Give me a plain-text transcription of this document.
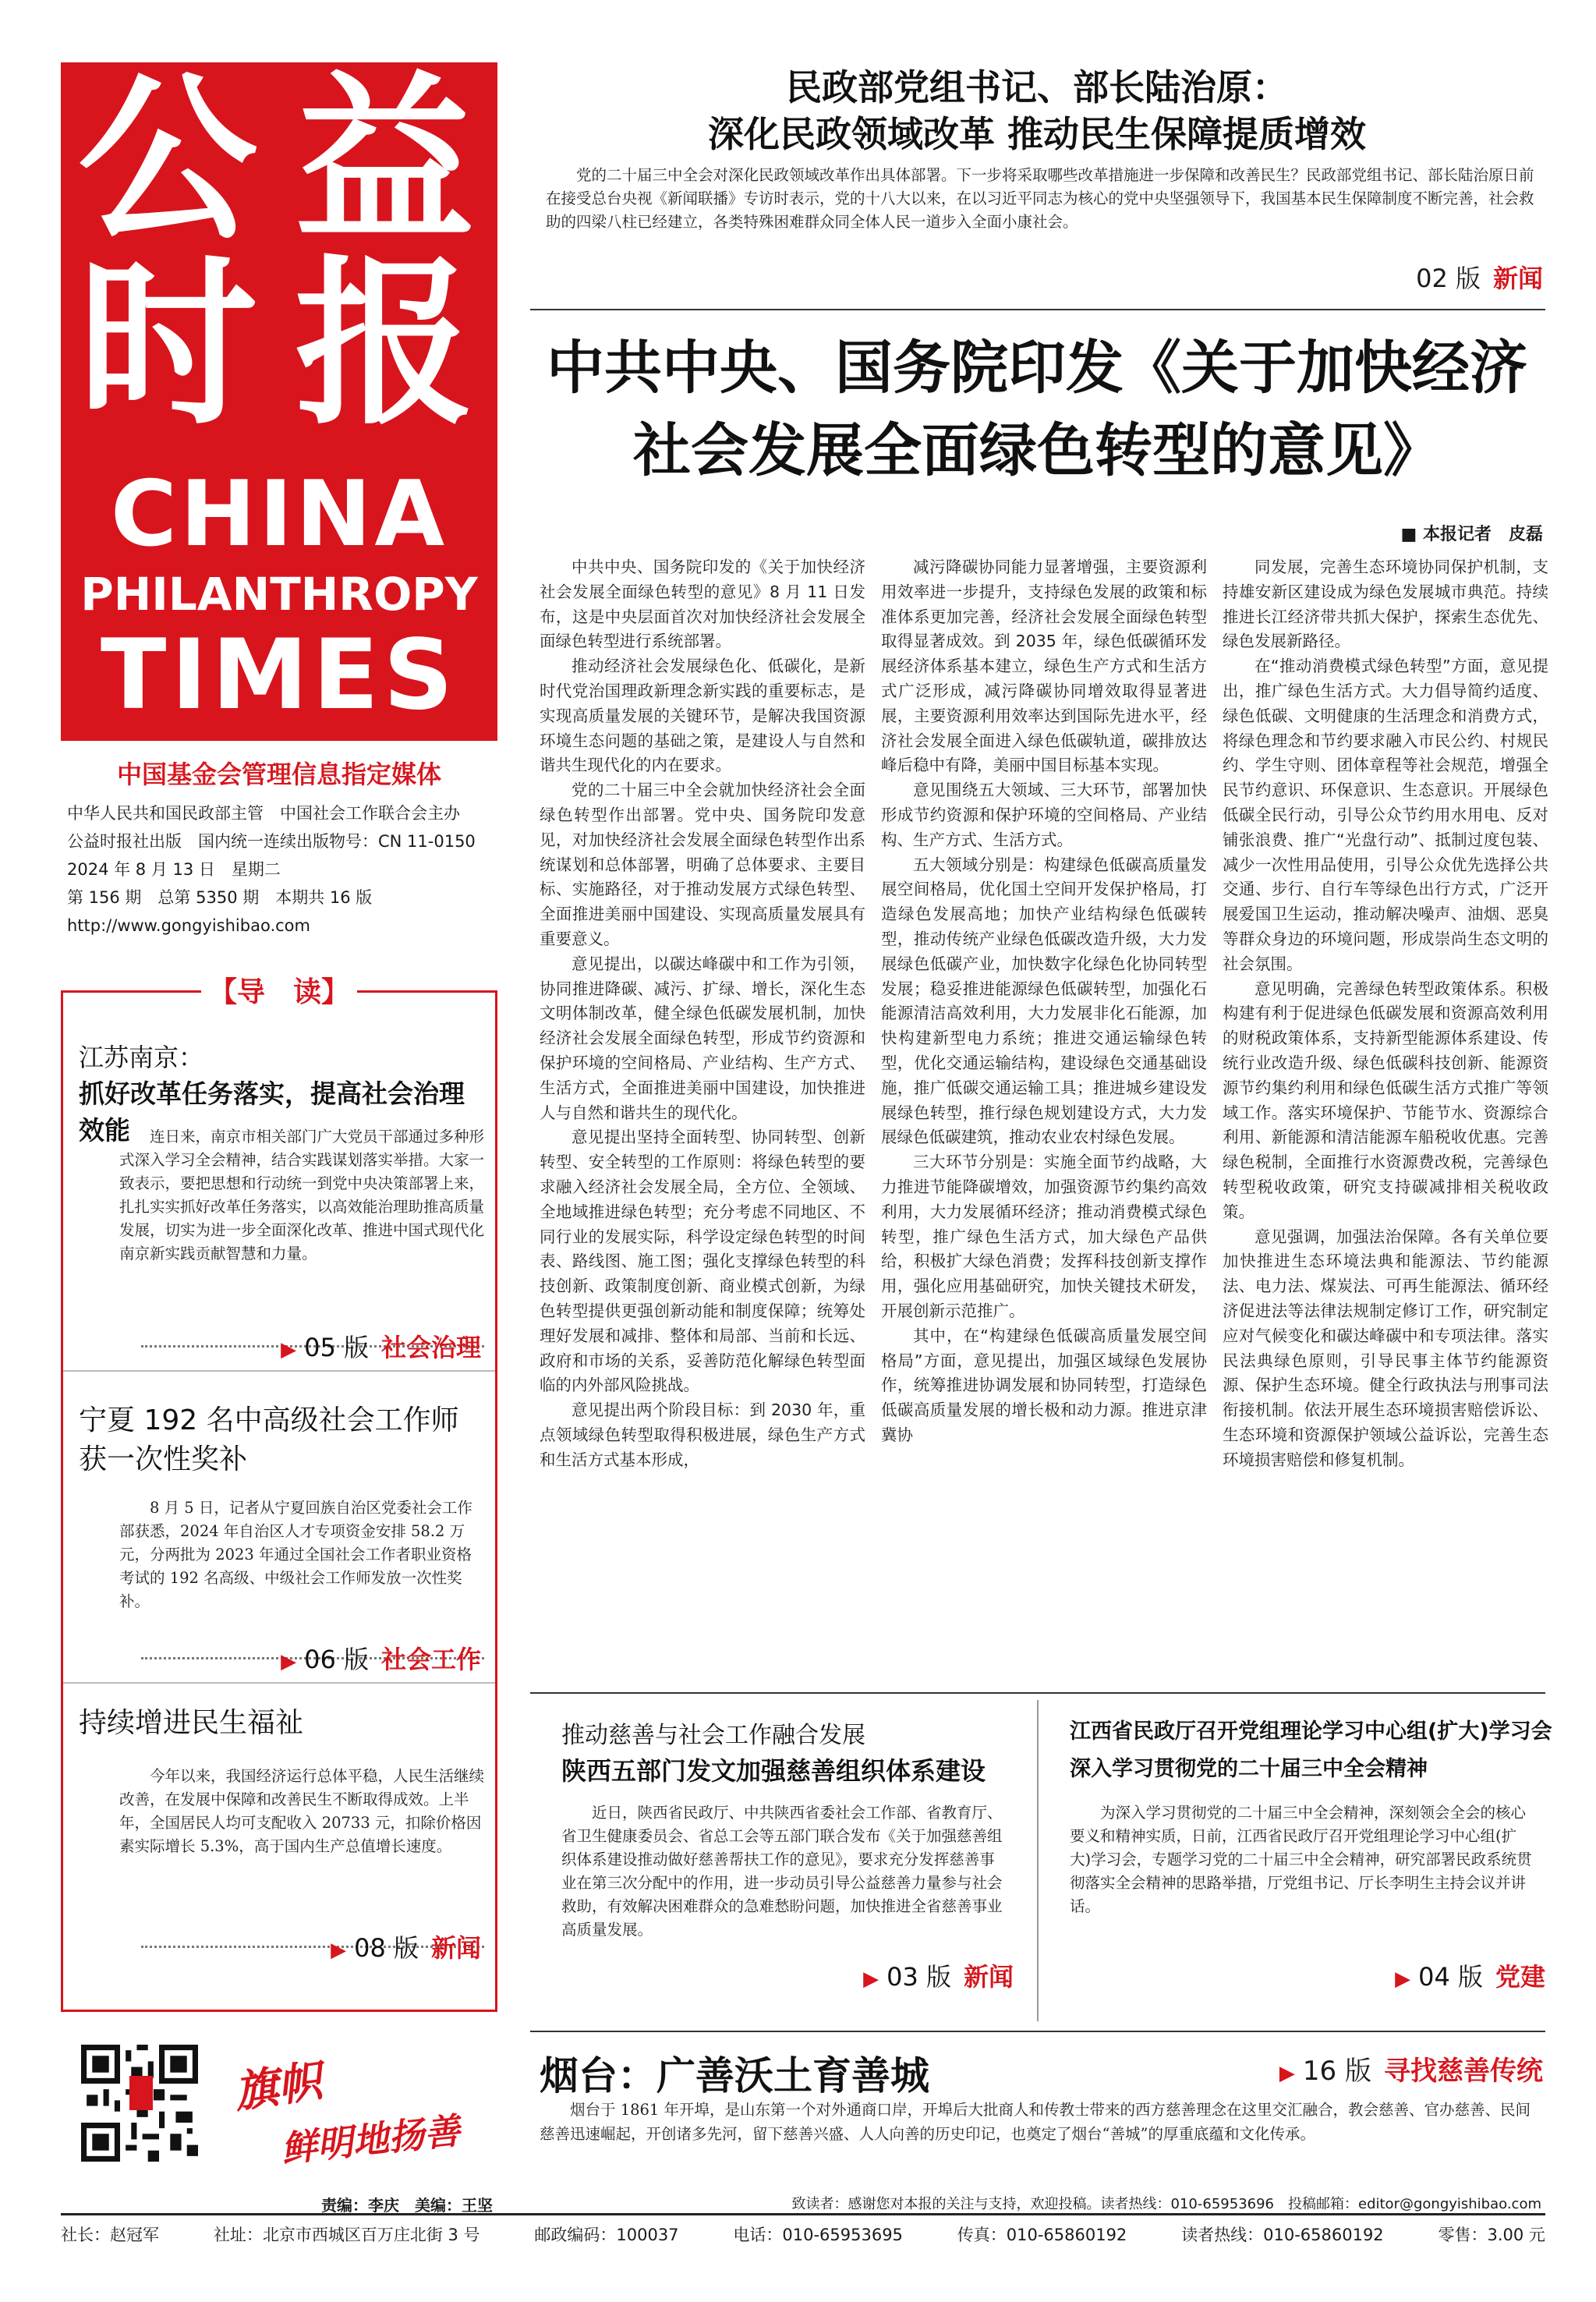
公 益
时 报
CHINA
PHILANTHROPY
TIMES
中国基金会管理信息指定媒体
中华人民共和国民政部主管　中国社会工作联合会主办
公益时报社出版　国内统一连续出版物号：CN 11-0150
2024 年 8 月 13 日　星期二
第 156 期　总第 5350 期　本期共 16 版
http://www.gongyishibao.com
江苏南京：
抓好改革任务落实，提高社会治理效能	连日来，南京市相关部门广大党员干部通过多种形式深入学习全会精神，结合实践谋划落实举措。大家一致表示，要把思想和行动统一到党中央决策部署上来，扎扎实实抓好改革任务落实，以高效能治理助推高质量发展，切实为进一步全面深化改革、推进中国式现代化南京新实践贡献智慧和力量。
▶ 05 版 社会治理
宁夏 192 名中高级社会工作师
获一次性奖补
8 月 5 日，记者从宁夏回族自治区党委社会工作部获悉，2024 年自治区人才专项资金安排 58.2 万元，分两批为 2023 年通过全国社会工作者职业资格考试的 192 名高级、中级社会工作师发放一次性奖补。
▶ 06 版 社会工作
持续增进民生福祉
今年以来，我国经济运行总体平稳，人民生活继续改善，在发展中保障和改善民生不断取得成效。上半年，全国居民人均可支配收入 20733 元，扣除价格因素实际增长 5.3%，高于国内生产总值增长速度。
▶ 08 版 新闻
【导　读】
民政部党组书记、部长陆治原：
深化民政领域改革 推动民生保障提质增效
党的二十届三中全会对深化民政领域改革作出具体部署。下一步将采取哪些改革措施进一步保障和改善民生？民政部党组书记、部长陆治原日前在接受总台央视《新闻联播》专访时表示，党的十八大以来，在以习近平同志为核心的党中央坚强领导下，我国基本民生保障制度不断完善，社会救助的四梁八柱已经建立，各类特殊困难群众同全体人民一道步入全面小康社会。
02 版 新闻
中共中央、国务院印发《关于加快经济
社会发展全面绿色转型的意见》
■ 本报记者　皮磊

中共中央、国务院印发的《关于加快经济社会发展全面绿色转型的意见》8 月 11 日发布，这是中央层面首次对加快经济社会发展全面绿色转型进行系统部署。

推动经济社会发展绿色化、低碳化，是新时代党治国理政新理念新实践的重要标志，是实现高质量发展的关键环节，是解决我国资源环境生态问题的基础之策，是建设人与自然和谐共生现代化的内在要求。

党的二十届三中全会就加快经济社会全面绿色转型作出部署。党中央、国务院印发意见，对加快经济社会发展全面绿色转型作出系统谋划和总体部署，明确了总体要求、主要目标、实施路径，对于推动发展方式绿色转型、全面推进美丽中国建设、实现高质量发展具有重要意义。

意见提出，以碳达峰碳中和工作为引领，协同推进降碳、减污、扩绿、增长，深化生态文明体制改革，健全绿色低碳发展机制，加快经济社会发展全面绿色转型，形成节约资源和保护环境的空间格局、产业结构、生产方式、生活方式，全面推进美丽中国建设，加快推进人与自然和谐共生的现代化。

意见提出坚持全面转型、协同转型、创新转型、安全转型的工作原则：将绿色转型的要求融入经济社会发展全局，全方位、全领域、全地域推进绿色转型；充分考虑不同地区、不同行业的发展实际，科学设定绿色转型的时间表、路线图、施工图；强化支撑绿色转型的科技创新、政策制度创新、商业模式创新，为绿色转型提供更强创新动能和制度保障；统筹处理好发展和减排、整体和局部、当前和长远、政府和市场的关系，妥善防范化解绿色转型面临的内外部风险挑战。

意见提出两个阶段目标：到 2030 年，重点领域绿色转型取得积极进展，绿色生产方式和生活方式基本形成，

减污降碳协同能力显著增强，主要资源利用效率进一步提升，支持绿色发展的政策和标准体系更加完善，经济社会发展全面绿色转型取得显著成效。到 2035 年，绿色低碳循环发展经济体系基本建立，绿色生产方式和生活方式广泛形成，减污降碳协同增效取得显著进展，主要资源利用效率达到国际先进水平，经济社会发展全面进入绿色低碳轨道，碳排放达峰后稳中有降，美丽中国目标基本实现。

意见围绕五大领域、三大环节，部署加快形成节约资源和保护环境的空间格局、产业结构、生产方式、生活方式。

五大领域分别是：构建绿色低碳高质量发展空间格局，优化国土空间开发保护格局，打造绿色发展高地；加快产业结构绿色低碳转型，推动传统产业绿色低碳改造升级，大力发展绿色低碳产业，加快数字化绿色化协同转型发展；稳妥推进能源绿色低碳转型，加强化石能源清洁高效利用，大力发展非化石能源，加快构建新型电力系统；推进交通运输绿色转型，优化交通运输结构，建设绿色交通基础设施，推广低碳交通运输工具；推进城乡建设发展绿色转型，推行绿色规划建设方式，大力发展绿色低碳建筑，推动农业农村绿色发展。

三大环节分别是：实施全面节约战略，大力推进节能降碳增效，加强资源节约集约高效利用，大力发展循环经济；推动消费模式绿色转型，推广绿色生活方式，加大绿色产品供给，积极扩大绿色消费；发挥科技创新支撑作用，强化应用基础研究，加快关键技术研发，开展创新示范推广。

其中，在“构建绿色低碳高质量发展空间格局”方面，意见提出，加强区域绿色发展协作，统筹推进协调发展和协同转型，打造绿色低碳高质量发展的增长极和动力源。推进京津冀协

同发展，完善生态环境协同保护机制，支持雄安新区建设成为绿色发展城市典范。持续推进长江经济带共抓大保护，探索生态优先、绿色发展新路径。

在“推动消费模式绿色转型”方面，意见提出，推广绿色生活方式。大力倡导简约适度、绿色低碳、文明健康的生活理念和消费方式，将绿色理念和节约要求融入市民公约、村规民约、学生守则、团体章程等社会规范，增强全民节约意识、环保意识、生态意识。开展绿色低碳全民行动，引导公众节约用水用电、反对铺张浪费、推广“光盘行动”、抵制过度包装、减少一次性用品使用，引导公众优先选择公共交通、步行、自行车等绿色出行方式，广泛开展爱国卫生运动，推动解决噪声、油烟、恶臭等群众身边的环境问题，形成崇尚生态文明的社会氛围。

意见明确，完善绿色转型政策体系。积极构建有利于促进绿色低碳发展和资源高效利用的财税政策体系，支持新型能源体系建设、传统行业改造升级、绿色低碳科技创新、能源资源节约集约利用和绿色低碳生活方式推广等领域工作。落实环境保护、节能节水、资源综合利用、新能源和清洁能源车船税收优惠。完善绿色税制，全面推行水资源费改税，完善绿色转型税收政策，研究支持碳减排相关税收政策。

意见强调，加强法治保障。各有关单位要加快推进生态环境法典和能源法、节约能源法、电力法、煤炭法、可再生能源法、循环经济促进法等法律法规制定修订工作，研究制定应对气候变化和碳达峰碳中和专项法律。落实民法典绿色原则，引导民事主体节约能源资源、保护生态环境。健全行政执法与刑事司法衔接机制。依法开展生态环境损害赔偿诉讼、生态环境和资源保护领域公益诉讼，完善生态环境损害赔偿和修复机制。

推动慈善与社会工作融合发展
陕西五部门发文加强慈善组织体系建设
近日，陕西省民政厅、中共陕西省委社会工作部、省教育厅、省卫生健康委员会、省总工会等五部门联合发布《关于加强慈善组织体系建设推动做好慈善帮扶工作的意见》，要求充分发挥慈善事业在第三次分配中的作用，进一步动员引导公益慈善力量参与社会救助，有效解决困难群众的急难愁盼问题，加快推进全省慈善事业高质量发展。
▶ 03 版 新闻
江西省民政厅召开党组理论学习中心组(扩大)学习会
深入学习贯彻党的二十届三中全会精神
为深入学习贯彻党的二十届三中全会精神，深刻领会全会的核心要义和精神实质，日前，江西省民政厅召开党组理论学习中心组(扩大)学习会，专题学习党的二十届三中全会精神，研究部署民政系统贯彻落实全会精神的思路举措，厅党组书记、厅长李明生主持会议并讲话。
▶ 04 版 党建
旗帜
鲜明地扬善
烟台：广善沃土育善城	▶ 16 版 寻找慈善传统
烟台于 1861 年开埠，是山东第一个对外通商口岸，开埠后大批商人和传教士带来的西方慈善理念在这里交汇融合，教会慈善、官办慈善、民间慈善迅速崛起，开创诸多先河，留下慈善兴盛、人人向善的历史印记，也奠定了烟台“善城”的厚重底蕴和文化传承。
责编：李庆　美编：王坚	致读者：感谢您对本报的关注与支持，欢迎投稿。读者热线：010-65953696　投稿邮箱：editor@gongyishibao.com
社长：赵冠军	社址：北京市西城区百万庄北街 3 号	邮政编码：100037	电话：010-65953695	传真：010-65860192	读者热线：010-65860192	零售：3.00 元
